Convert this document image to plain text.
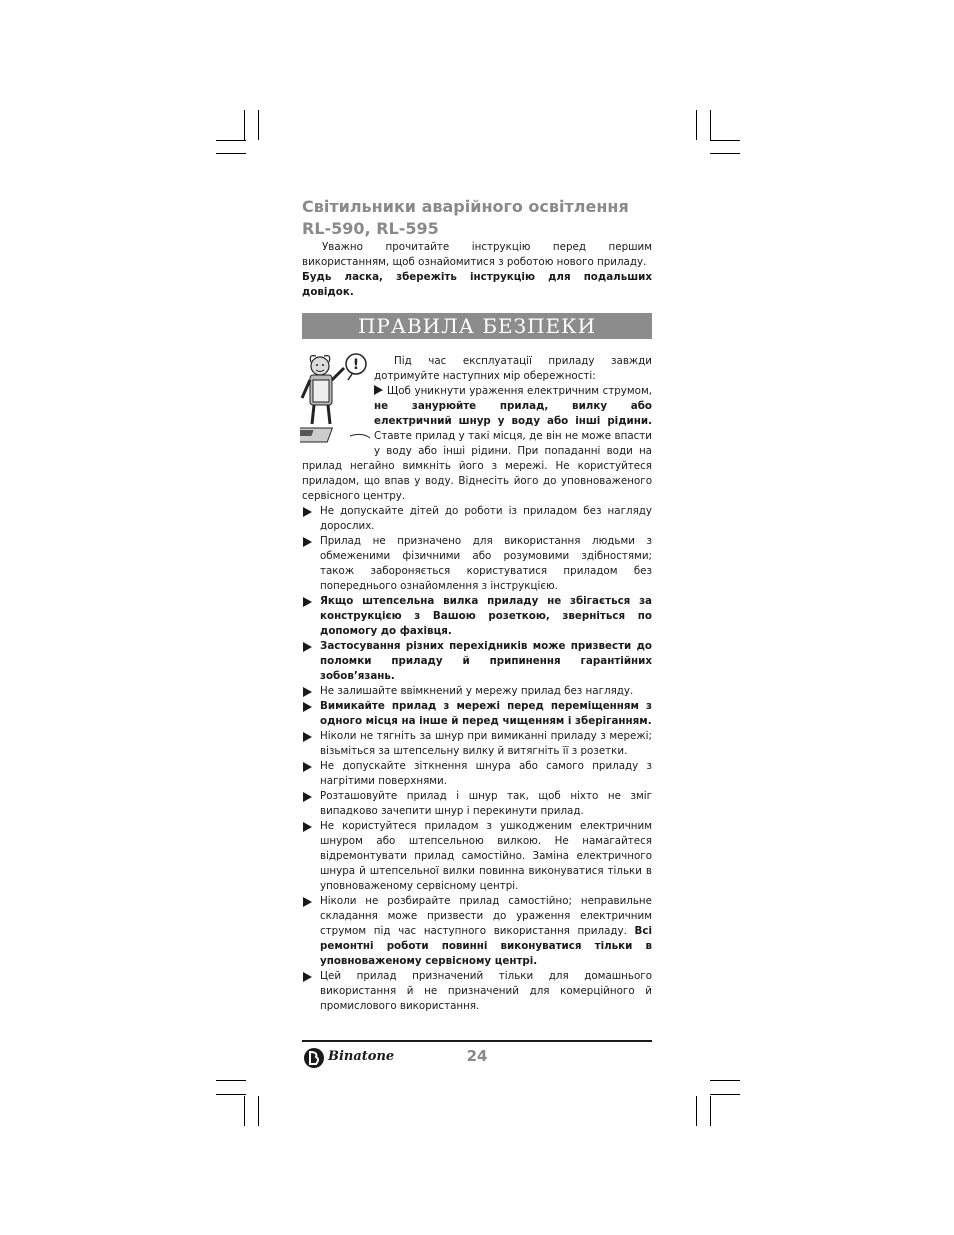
Світильники аварійного освітлення
RL-590, RL-595

Уважно прочитайте інструкцію перед першим використанням, щоб ознайомитися з роботою нового приладу.

Будь ласка, збережіть інструкцію для подальших довідок.

ПРАВИЛА БЕЗПЕКИ
!	Під час експлуатації приладу завжди дотримуйте наступних мір обережності:

Щоб уникнути ураження електричним струмом, не занурюйте прилад, вилку або електричний шнур у воду або інші рідини. Ставте прилад у такі місця, де він не може впасти у воду або інші рідини. При попаданні води на прилад негайно вимкніть його з мережі. Не користуйтеся приладом, що впав у воду. Віднесіть його до уповноваженого сервісного центру.

Не допускайте дітей до роботи із приладом без нагляду дорослих.

Прилад не призначено для використання людьми з обмеженими фізичними або розумовими здібностями; також забороняється користуватися приладом без попереднього ознайомлення з інструкцією.

Якщо штепсельна вилка приладу не збігається за конструкцією з Вашою розеткою, зверніться по допомогу до фахівця.

Застосування різних перехідників може призвести до поломки приладу й припинення гарантійних зобов’язань.

Не залишайте ввімкнений у мережу прилад без нагляду.

Вимикайте прилад з мережі перед переміщенням з одного місця на інше й перед чищенням і зберіганням.

Ніколи не тягніть за шнур при вимиканні приладу з мережі; візьміться за штепсельну вилку й витягніть її з розетки.

Не допускайте зіткнення шнура або самого приладу з нагрітими поверхнями.

Розташовуйте прилад і шнур так, щоб ніхто не зміг випадково зачепити шнур і перекинути прилад.

Не користуйтеся приладом з ушкодженим електричним шнуром або штепсельною вилкою. Не намагайтеся відремонтувати прилад самостійно. Заміна електричного шнура й штепсельної вилки повинна виконуватися тільки в уповноваженому сервісному центрі.

Ніколи не розбирайте прилад самостійно; неправильне складання може призвести до ураження електричним струмом під час наступного використання приладу. Всі ремонтні роботи повинні виконуватися тільки в уповноваженому сервісному центрі.

Цей прилад призначений тільки для домашнього використання й не призначений для комерційного й промислового використання.

Binatone	24
